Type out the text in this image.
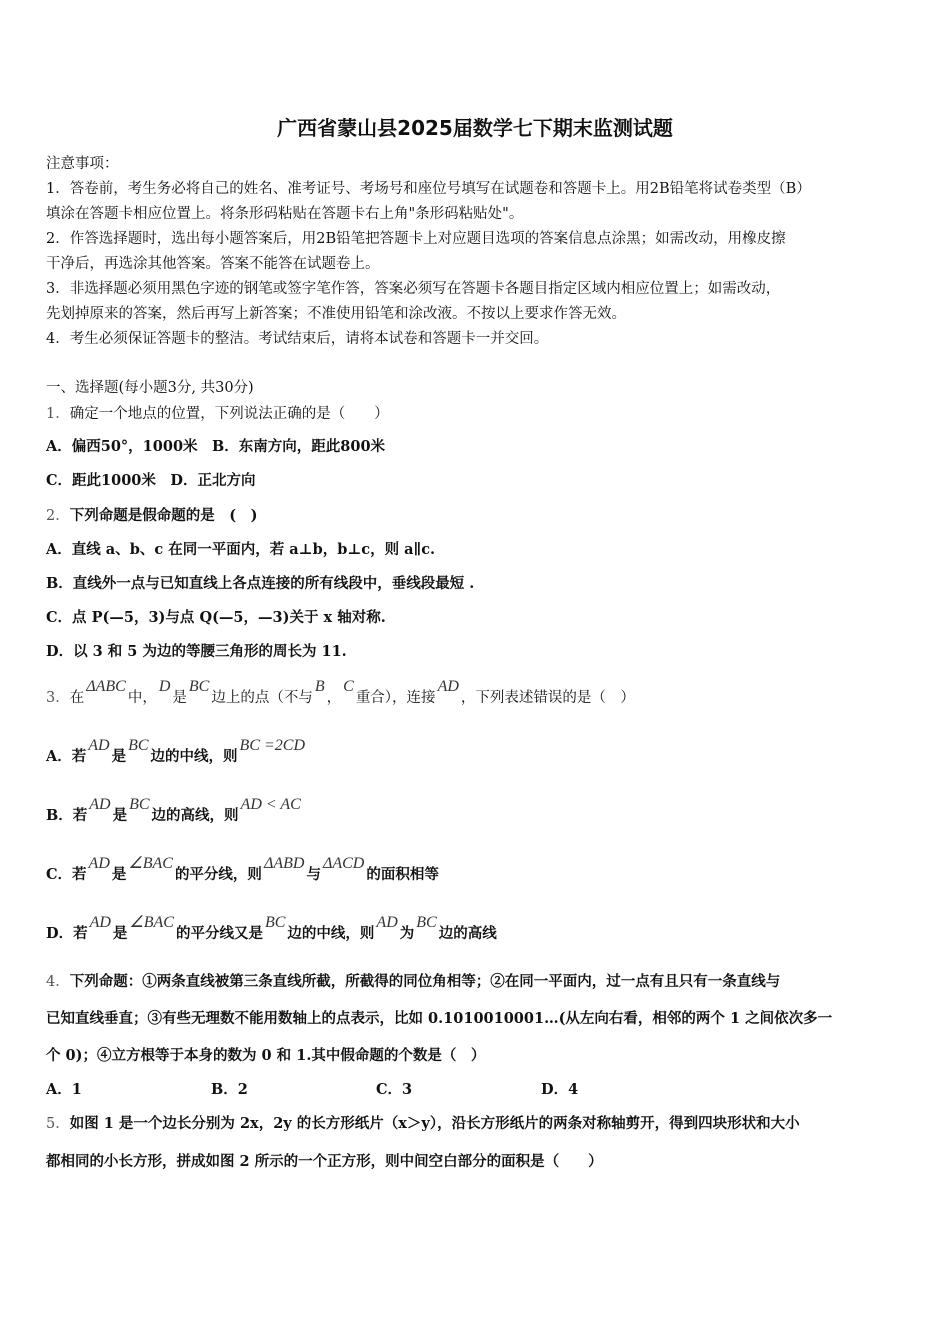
广西省蒙山县2025届数学七下期末监测试题
注意事项：
1．答卷前，考生务必将自己的姓名、准考证号、考场号和座位号填写在试题卷和答题卡上。用2B铅笔将试卷类型（B）
填涂在答题卡相应位置上。将条形码粘贴在答题卡右上角"条形码粘贴处"。
2．作答选择题时，选出每小题答案后，用2B铅笔把答题卡上对应题目选项的答案信息点涂黑；如需改动，用橡皮擦
干净后，再选涂其他答案。答案不能答在试题卷上。
3．非选择题必须用黑色字迹的钢笔或签字笔作答，答案必须写在答题卡各题目指定区域内相应位置上；如需改动，
先划掉原来的答案，然后再写上新答案；不准使用铅笔和涂改液。不按以上要求作答无效。
4．考生必须保证答题卡的整洁。考试结束后，请将本试卷和答题卡一并交回。
一、选择题(每小题3分, 共30分)
1．确定一个地点的位置，下列说法正确的是（　　）
A．偏西50°，1000米　B．东南方向，距此800米
C．距此1000米　D．正北方向
2．下列命题是假命题的是　(　)
A．直线 a、b、c 在同一平面内，若 a⊥b，b⊥c，则 a∥c.
B．直线外一点与已知直线上各点连接的所有线段中，垂线段最短 .
C．点 P(—5，3)与点 Q(—5，—3)关于 x 轴对称.
D．以 3 和 5 为边的等腰三角形的周长为 11.
3．在ΔABC中，D是BC边上的点（不与B，C重合），连接AD，下列表述错误的是（　）
A．若AD是BC边的中线，则BC =2CD
B．若AD是BC边的高线，则AD < AC
C．若AD是∠BAC的平分线，则ΔABD与ΔACD的面积相等
D．若AD是∠BAC的平分线又是BC边的中线，则AD为BC边的高线
4．下列命题：①两条直线被第三条直线所截，所截得的同位角相等；②在同一平面内，过一点有且只有一条直线与
已知直线垂直；③有些无理数不能用数轴上的点表示，比如 0.1010010001…(从左向右看，相邻的两个 1 之间依次多一
个 0)；④立方根等于本身的数为 0 和 1.其中假命题的个数是（　）
A．1	B．2	C．3	D．4
5．如图 1 是一个边长分别为 2x，2y 的长方形纸片（x＞y），沿长方形纸片的两条对称轴剪开，得到四块形状和大小
都相同的小长方形，拼成如图 2 所示的一个正方形，则中间空白部分的面积是（　　）
